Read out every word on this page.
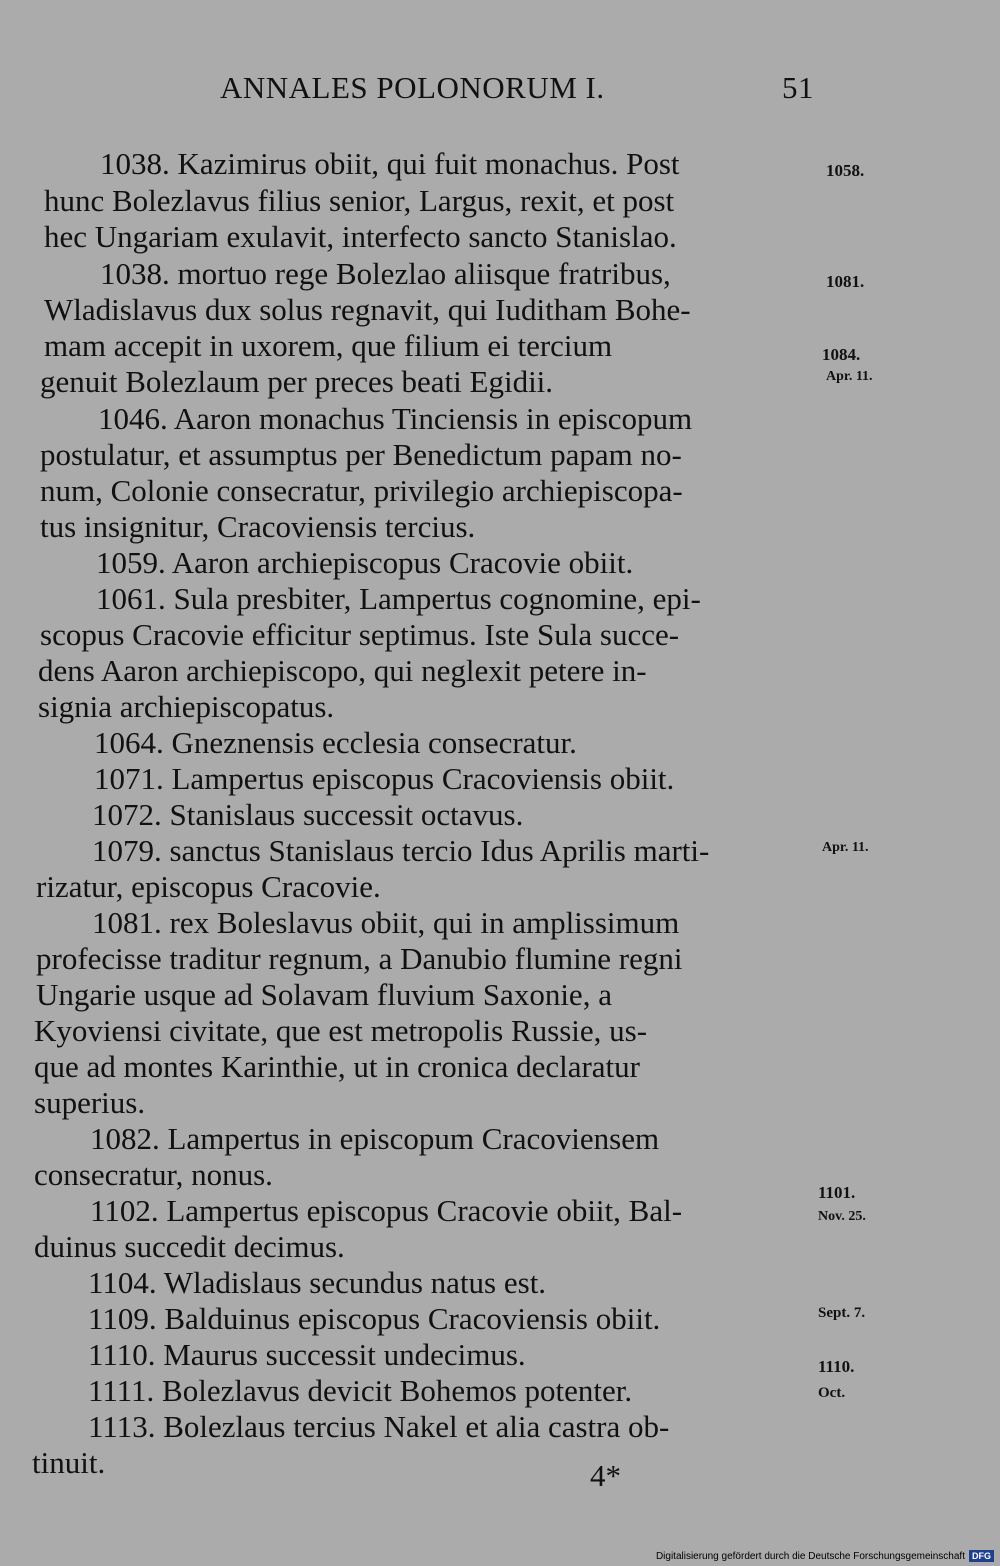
ANNALES POLONORUM I.	51
1038. Kazimirus obiit, qui fuit monachus. Post
hunc Bolezlavus filius senior, Largus, rexit, et post
hec Ungariam exulavit, interfecto sancto Stanislao.
1038. mortuo rege Bolezlao aliisque fratribus,
Wladislavus dux solus regnavit, qui Iuditham Bohe-
mam accepit in uxorem, que filium ei tercium
genuit Bolezlaum per preces beati Egidii.
1046. Aaron monachus Tinciensis in episcopum
postulatur, et assumptus per Benedictum papam no-
num, Colonie consecratur, privilegio archiepiscopa-
tus insignitur, Cracoviensis tercius.
1059. Aaron archiepiscopus Cracovie obiit.
1061. Sula presbiter, Lampertus cognomine, epi-
scopus Cracovie efficitur septimus. Iste Sula succe-
dens Aaron archiepiscopo, qui neglexit petere in-
signia archiepiscopatus.
1064. Gneznensis ecclesia consecratur.
1071. Lampertus episcopus Cracoviensis obiit.
1072. Stanislaus successit octavus.
1079. sanctus Stanislaus tercio Idus Aprilis marti-
rizatur, episcopus Cracovie.
1081. rex Boleslavus obiit, qui in amplissimum
profecisse traditur regnum, a Danubio flumine regni
Ungarie usque ad Solavam fluvium Saxonie, a
Kyoviensi civitate, que est metropolis Russie, us-
que ad montes Karinthie, ut in cronica declaratur
superius.
1082. Lampertus in episcopum Cracoviensem
consecratur, nonus.
1102. Lampertus episcopus Cracovie obiit, Bal-
duinus succedit decimus.
1104. Wladislaus secundus natus est.
1109. Balduinus episcopus Cracoviensis obiit.
1110. Maurus successit undecimus.
1111. Bolezlavus devicit Bohemos potenter.
1113. Bolezlaus tercius Nakel et alia castra ob-
tinuit.
1058.
1081.
1084.
Apr. 11.
Apr. 11.
1101.
Nov. 25.
Sept. 7.
1110.
Oct.
4*
Digitalisierung gefördert durch die Deutsche Forschungsgemeinschaft DFG
